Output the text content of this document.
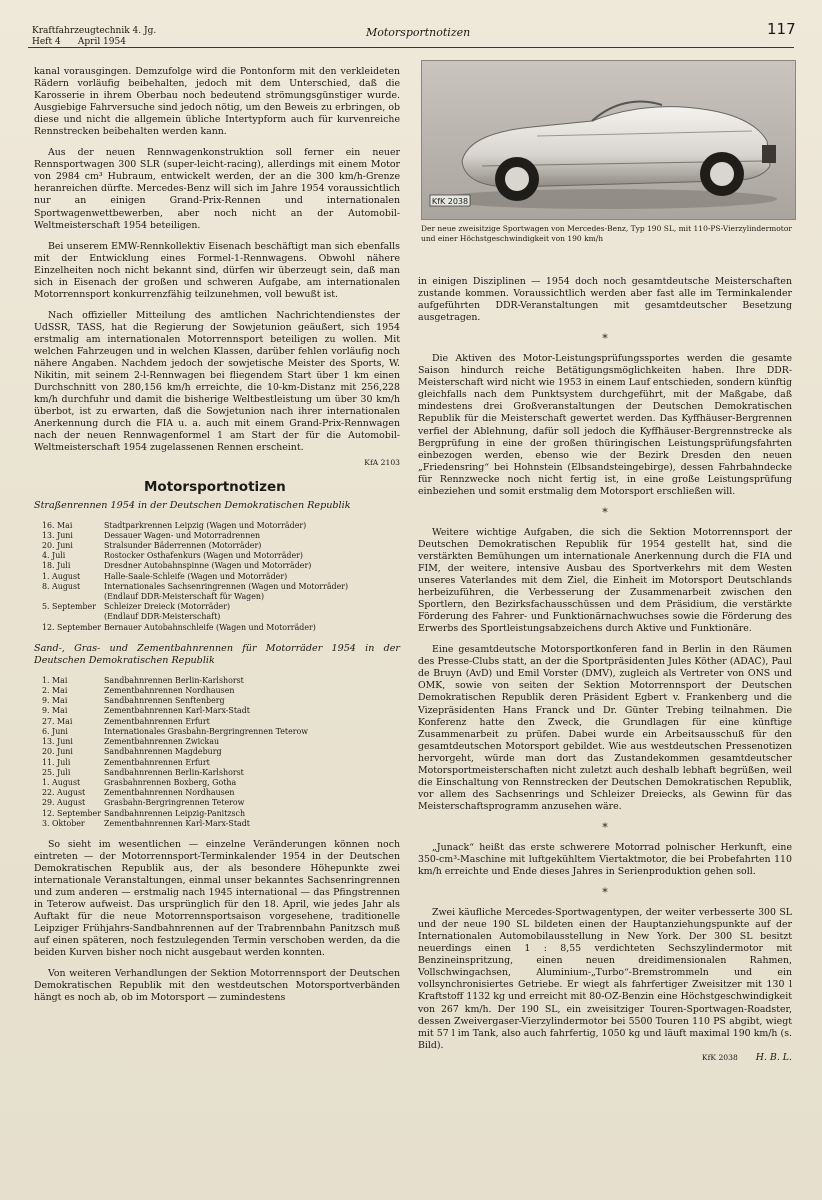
Kraftfahrzeugtechnik 4. Jg.
Heft 4      April 1954
Motorsportnotizen	117
KfK 2038
Der neue zweisitzige Sportwagen von Mercedes-Benz, Typ 190 SL, mit 110-PS-Vierzylindermotor und einer Höchstgeschwindigkeit von 190 km/h

kanal vorausgingen. Demzufolge wird die Pontonform mit den verkleideten Rädern vorläufig beibehalten, jedoch mit dem Unterschied, daß die Karosserie in ihrem Oberbau noch bedeutend strömungsgünstiger wurde. Ausgiebige Fahrversuche sind jedoch nötig, um den Beweis zu erbringen, ob diese und nicht die allgemein übliche Intertypform auch für kurvenreiche Rennstrecken beibehalten werden kann.

Aus der neuen Rennwagenkonstruktion soll ferner ein neuer Rennsportwagen 300 SLR (super-leicht-racing), allerdings mit einem Motor von 2984 cm³ Hubraum, entwickelt werden, der an die 300 km/h-Grenze heranreichen dürfte. Mercedes-Benz will sich im Jahre 1954 voraussichtlich nur an einigen Grand-Prix-Rennen und internationalen Sportwagenwettbewerben, aber noch nicht an der Automobil-Weltmeisterschaft 1954 beteiligen.

Bei unserem EMW-Rennkollektiv Eisenach beschäftigt man sich ebenfalls mit der Entwicklung eines Formel-1-Rennwagens. Obwohl nähere Einzelheiten noch nicht bekannt sind, dürfen wir überzeugt sein, daß man sich in Eisenach der großen und schweren Aufgabe, am internationalen Motorrennsport konkurrenzfähig teilzunehmen, voll bewußt ist.

Nach offizieller Mitteilung des amtlichen Nachrichtendienstes der UdSSR, TASS, hat die Regierung der Sowjetunion geäußert, sich 1954 erstmalig am internationalen Motorrennsport beteiligen zu wollen. Mit welchen Fahrzeugen und in welchen Klassen, darüber fehlen vorläufig noch nähere Angaben. Nachdem jedoch der sowjetische Meister des Sports, W. Nikitin, mit seinem 2-l-Rennwagen bei fliegendem Start über 1 km einen Durchschnitt von 280,156 km/h erreichte, die 10-km-Distanz mit 256,228 km/h durchfuhr und damit die bisherige Weltbestleistung um über 30 km/h überbot, ist zu erwarten, daß die Sowjetunion nach ihrer internationalen Anerkennung durch die FIA u. a. auch mit einem Grand-Prix-Rennwagen nach der neuen Rennwagenformel 1 am Start der für die Automobil-Weltmeisterschaft 1954 zugelassenen Rennen erscheint.

KfA 2103
Motorsportnotizen

Straßenrennen 1954 in der Deutschen Demokratischen Republik

16. Mai	Stadtparkrennen Leipzig (Wagen und Motorräder)
13. Juni	Dessauer Wagen- und Motorradrennen
20. Juni	Stralsunder Bäderrennen (Motorräder)
4. Juli	Rostocker Osthafenkurs (Wagen und Motorräder)
18. Juli	Dresdner Autobahnspinne (Wagen und Motorräder)
1. August	Halle-Saale-Schleife (Wagen und Motorräder)
8. August	Internationales Sachsenringrennen (Wagen und Motorräder)
(Endlauf DDR-Meisterschaft für Wagen)
5. September	Schleizer Dreieck (Motorräder)
(Endlauf DDR-Meisterschaft)
12. September Bernauer Autobahnschleife (Wagen und Motorräder)

Sand-, Gras- und Zementbahnrennen für Motorräder 1954 in der Deutschen Demokratischen Republik

1. Mai	Sandbahnrennen Berlin-Karlshorst
2. Mai	Zementbahnrennen Nordhausen
9. Mai	Sandbahnrennen Senftenberg
9. Mai	Zementbahnrennen Karl-Marx-Stadt
27. Mai	Zementbahnrennen Erfurt
6. Juni	Internationales Grasbahn-Bergringrennen Teterow
13. Juni	Zementbahnrennen Zwickau
20. Juni	Sandbahnrennen Magdeburg
11. Juli	Zementbahnrennen Erfurt
25. Juli	Sandbahnrennen Berlin-Karlshorst
1. August	Grasbahnrennen Boxberg, Gotha
22. August	Zementbahnrennen Nordhausen
29. August	Grasbahn-Bergringrennen Teterow
12. September Sandbahnrennen Leipzig-Panitzsch
3. Oktober	Zementbahnrennen Karl-Marx-Stadt

So sieht im wesentlichen — einzelne Veränderungen können noch eintreten — der Motorrennsport-Terminkalender 1954 in der Deutschen Demokratischen Republik aus, der als besondere Höhepunkte zwei internationale Veranstaltungen, einmal unser bekanntes Sachsenringrennen und zum anderen — erstmalig nach 1945 international — das Pfingstrennen in Teterow aufweist. Das ursprünglich für den 18. April, wie jedes Jahr als Auftakt für die neue Motorrennsportsaison vorgesehene, traditionelle Leipziger Frühjahrs-Sandbahnrennen auf der Trabrennbahn Panitzsch muß auf einen späteren, noch festzulegenden Termin verschoben werden, da die beiden Kurven bisher noch nicht ausgebaut werden konnten.

Von weiteren Verhandlungen der Sektion Motorrennsport der Deutschen Demokratischen Republik mit den westdeutschen Motorsportverbänden hängt es noch ab, ob im Motorsport — zumindestens

in einigen Disziplinen — 1954 doch noch gesamtdeutsche Meisterschaften zustande kommen. Voraussichtlich werden aber fast alle im Terminkalender aufgeführten DDR-Veranstaltungen mit gesamtdeutscher Besetzung ausgetragen.

*

Die Aktiven des Motor-Leistungsprüfungssportes werden die gesamte Saison hindurch reiche Betätigungsmöglichkeiten haben. Ihre DDR-Meisterschaft wird nicht wie 1953 in einem Lauf entschieden, sondern künftig gleichfalls nach dem Punktsystem durchgeführt, mit der Maßgabe, daß mindestens drei Großveranstaltungen der Deutschen Demokratischen Republik für die Meisterschaft gewertet werden. Das Kyffhäuser-Bergrennen verfiel der Ablehnung, dafür soll jedoch die Kyffhäuser-Bergrennstrecke als Bergprüfung in eine der großen thüringischen Leistungsprüfungsfahrten einbezogen werden, ebenso wie der Bezirk Dresden den neuen „Friedensring“ bei Hohnstein (Elbsandsteingebirge), dessen Fahrbahndecke für Rennzwecke noch nicht fertig ist, in eine große Leistungsprüfung einbeziehen und somit erstmalig dem Motorsport erschließen will.

*

Weitere wichtige Aufgaben, die sich die Sektion Motorrennsport der Deutschen Demokratischen Republik für 1954 gestellt hat, sind die verstärkten Bemühungen um internationale Anerkennung durch die FIA und FIM, der weitere, intensive Ausbau des Sportverkehrs mit dem Westen unseres Vaterlandes mit dem Ziel, die Einheit im Motorsport Deutschlands herbeizuführen, die Verbesserung der Zusammenarbeit zwischen den Sportlern, den Bezirksfachausschüssen und dem Präsidium, die verstärkte Förderung des Fahrer- und Funktionärnachwuchses sowie die Förderung des Erwerbs des Sportleistungsabzeichens durch Aktive und Funktionäre.

Eine gesamtdeutsche Motorsportkonferen fand in Berlin in den Räumen des Presse-Clubs statt, an der die Sportpräsidenten Jules Köther (ADAC), Paul de Bruyn (AvD) und Emil Vorster (DMV), zugleich als Vertreter von ONS und OMK, sowie von seiten der Sektion Motorrennsport der Deutschen Demokratischen Republik deren Präsident Egbert v. Frankenberg und die Vizepräsidenten Hans Franck und Dr. Günter Trebing teilnahmen. Die Konferenz hatte den Zweck, die Grundlagen für eine künftige Zusammenarbeit zu prüfen. Dabei wurde ein Arbeitsausschuß für den gesamtdeutschen Motorsport gebildet. Wie aus westdeutschen Pressenotizen hervorgeht, würde man dort das Zustandekommen gesamtdeutscher Motorsportmeisterschaften nicht zuletzt auch deshalb lebhaft begrüßen, weil die Einschaltung von Rennstrecken der Deutschen Demokratischen Republik, vor allem des Sachsenrings und Schleizer Dreiecks, als Gewinn für das Meisterschaftsprogramm anzusehen wäre.

*

„Junack“ heißt das erste schwerere Motorrad polnischer Herkunft, eine 350-cm³-Maschine mit luftgekühltem Viertaktmotor, die bei Probefahrten 110 km/h erreichte und Ende dieses Jahres in Serienproduktion gehen soll.

*

Zwei käufliche Mercedes-Sportwagentypen, der weiter verbesserte 300 SL und der neue 190 SL bildeten einen der Hauptanziehungspunkte auf der Internationalen Automobilausstellung in New York. Der 300 SL besitzt neuerdings einen 1 : 8,55 verdichteten Sechszylindermotor mit Benzineinspritzung, einen neuen dreidimensionalen Rahmen, Vollschwingachsen, Aluminium-„Turbo“-Bremstrommeln und ein vollsynchronisiertes Getriebe. Er wiegt als fahrfertiger Zweisitzer mit 130 l Kraftstoff 1132 kg und erreicht mit 80-OZ-Benzin eine Höchstgeschwindigkeit von 267 km/h. Der 190 SL, ein zweisitziger Touren-Sportwagen-Roadster, dessen Zweivergaser-Vierzylindermotor bei 5500 Touren 110 PS abgibt, wiegt mit 57 l im Tank, also auch fahrfertig, 1050 kg und läuft maximal 190 km/h (s. Bild).

KfK 2038 H. B. L.
